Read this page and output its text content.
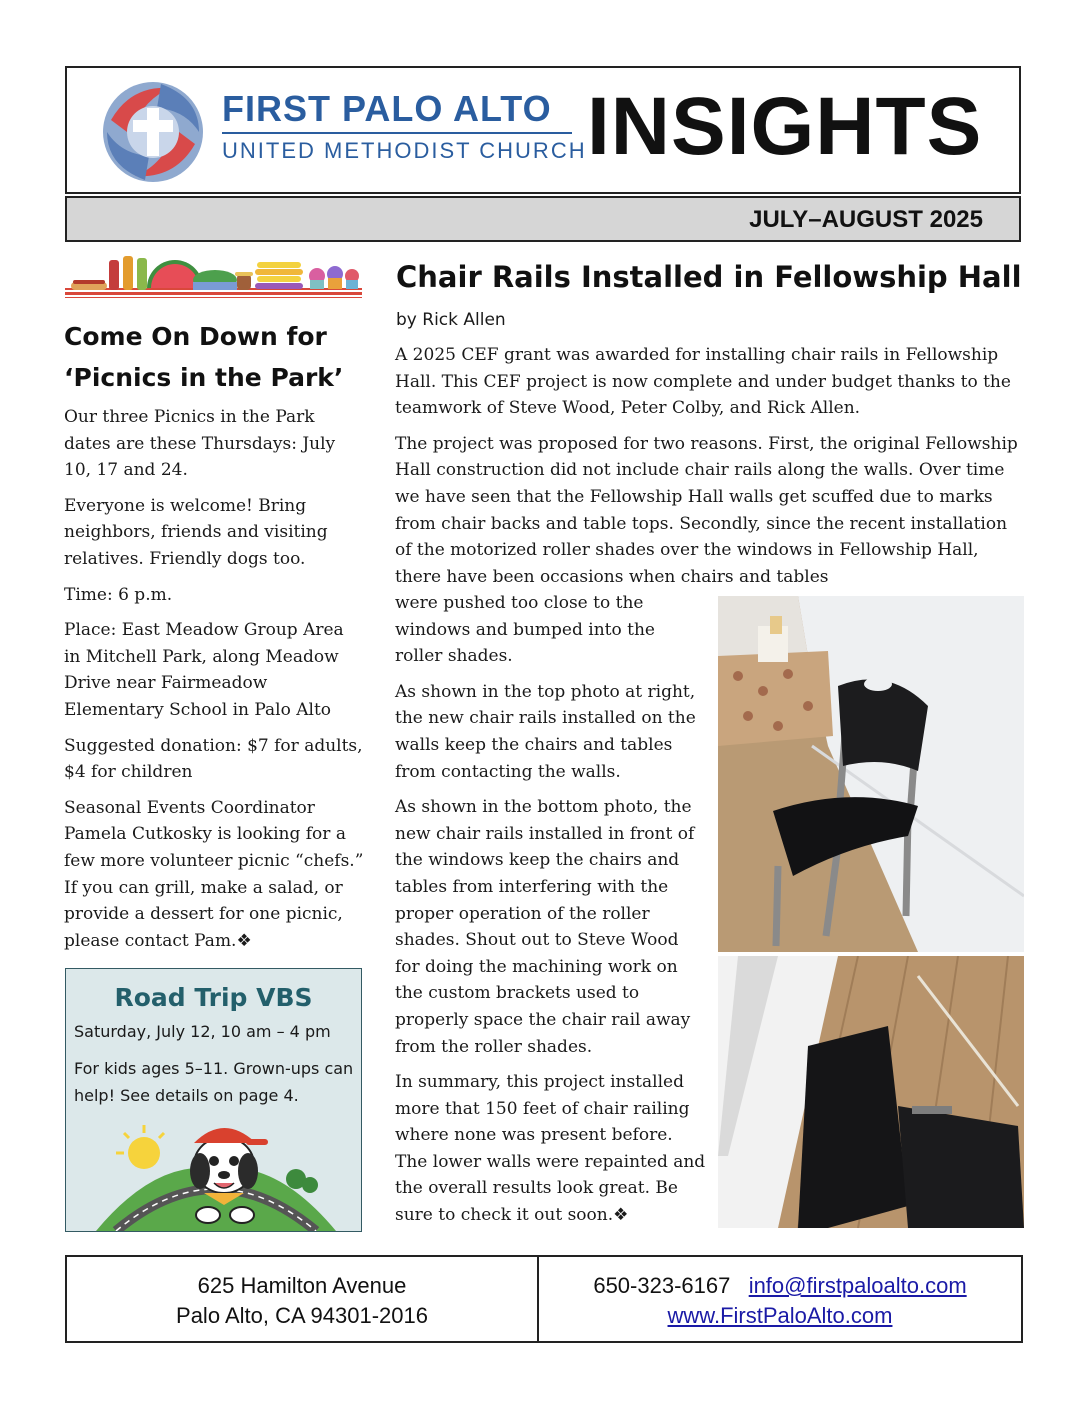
FIRST PALO ALTO
UNITED METHODIST CHURCH INSIGHTS
JULY–AUGUST 2025
Come On Down for
‘Picnics in the Park’

Our three Picnics in the Park dates are these Thursdays: July 10, 17 and 24.

Everyone is welcome! Bring neighbors, friends and visiting relatives. Friendly dogs too.

Time: 6 p.m.

Place: East Meadow Group Area in Mitchell Park, along Meadow Drive near Fairmeadow Elementary School in Palo Alto

Suggested donation: $7 for adults, $4 for children

Seasonal Events Coordinator Pamela Cutkosky is looking for a few more volunteer picnic “chefs.” If you can grill, make a salad, or provide a dessert for one picnic, please contact Pam.❖

Road Trip VBS
Saturday, July 12, 10 am – 4 pm
For kids ages 5–11. Grown-ups can help! See details on page 4.
Chair Rails Installed in Fellowship Hall
by Rick Allen

A 2025 CEF grant was awarded for installing chair rails in Fellowship Hall. This CEF project is now complete and under budget thanks to the teamwork of Steve Wood, Peter Colby, and Rick Allen.

The project was proposed for two reasons. First, the original Fellowship Hall construction did not include chair rails along the walls. Over time we have seen that the Fellowship Hall walls get scuffed due to marks from chair backs and table tops. Secondly, since the recent installation of the motorized roller shades over the windows in Fellowship Hall, there have been occasions when chairs and tables

were pushed too close to the windows and bumped into the roller shades.

As shown in the top photo at right, the new chair rails installed on the walls keep the chairs and tables from contacting the walls.

As shown in the bottom photo, the new chair rails installed in front of the windows keep the chairs and tables from interfering with the proper operation of the roller shades. Shout out to Steve Wood for doing the machining work on the custom brackets used to properly space the chair rail away from the roller shades.

In summary, this project installed more that 150 feet of chair railing where none was present before. The lower walls were repainted and the overall results look great. Be sure to check it out soon.❖

625 Hamilton Avenue
Palo Alto, CA 94301-2016
650-323-6167 info@firstpaloalto.com
www.FirstPaloAlto.com
